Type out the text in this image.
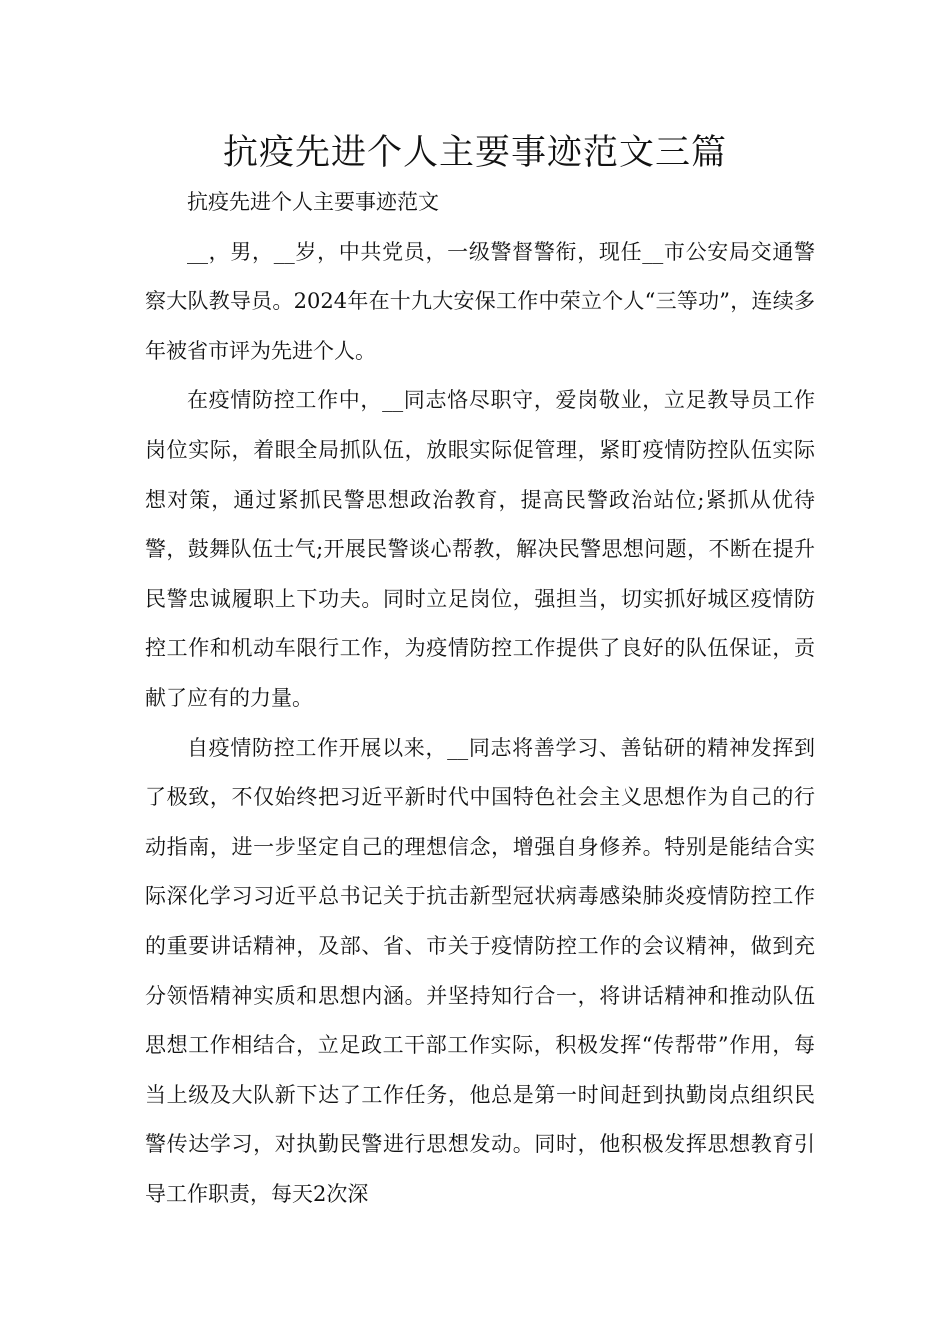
抗疫先进个人主要事迹范文三篇

抗疫先进个人主要事迹范文

__，男，__岁，中共党员，一级警督警衔，现任__市公安局交通警察大队教导员。2024年在十九大安保工作中荣立个人“三等功”，连续多年被省市评为先进个人。

在疫情防控工作中，__同志恪尽职守，爱岗敬业，立足教导员工作岗位实际，着眼全局抓队伍，放眼实际促管理，紧盯疫情防控队伍实际想对策，通过紧抓民警思想政治教育，提高民警政治站位;紧抓从优待警，鼓舞队伍士气;开展民警谈心帮教，解决民警思想问题，不断在提升民警忠诚履职上下功夫。同时立足岗位，强担当，切实抓好城区疫情防控工作和机动车限行工作，为疫情防控工作提供了良好的队伍保证，贡献了应有的力量。

自疫情防控工作开展以来，__同志将善学习、善钻研的精神发挥到了极致，不仅始终把习近平新时代中国特色社会主义思想作为自己的行动指南，进一步坚定自己的理想信念，增强自身修养。特别是能结合实际深化学习习近平总书记关于抗击新型冠状病毒感染肺炎疫情防控工作的重要讲话精神，及部、省、市关于疫情防控工作的会议精神，做到充分领悟精神实质和思想内涵。并坚持知行合一，将讲话精神和推动队伍思想工作相结合，立足政工干部工作实际，积极发挥“传帮带”作用，每当上级及大队新下达了工作任务，他总是第一时间赶到执勤岗点组织民警传达学习，对执勤民警进行思想发动。同时，他积极发挥思想教育引导工作职责，每天2次深
